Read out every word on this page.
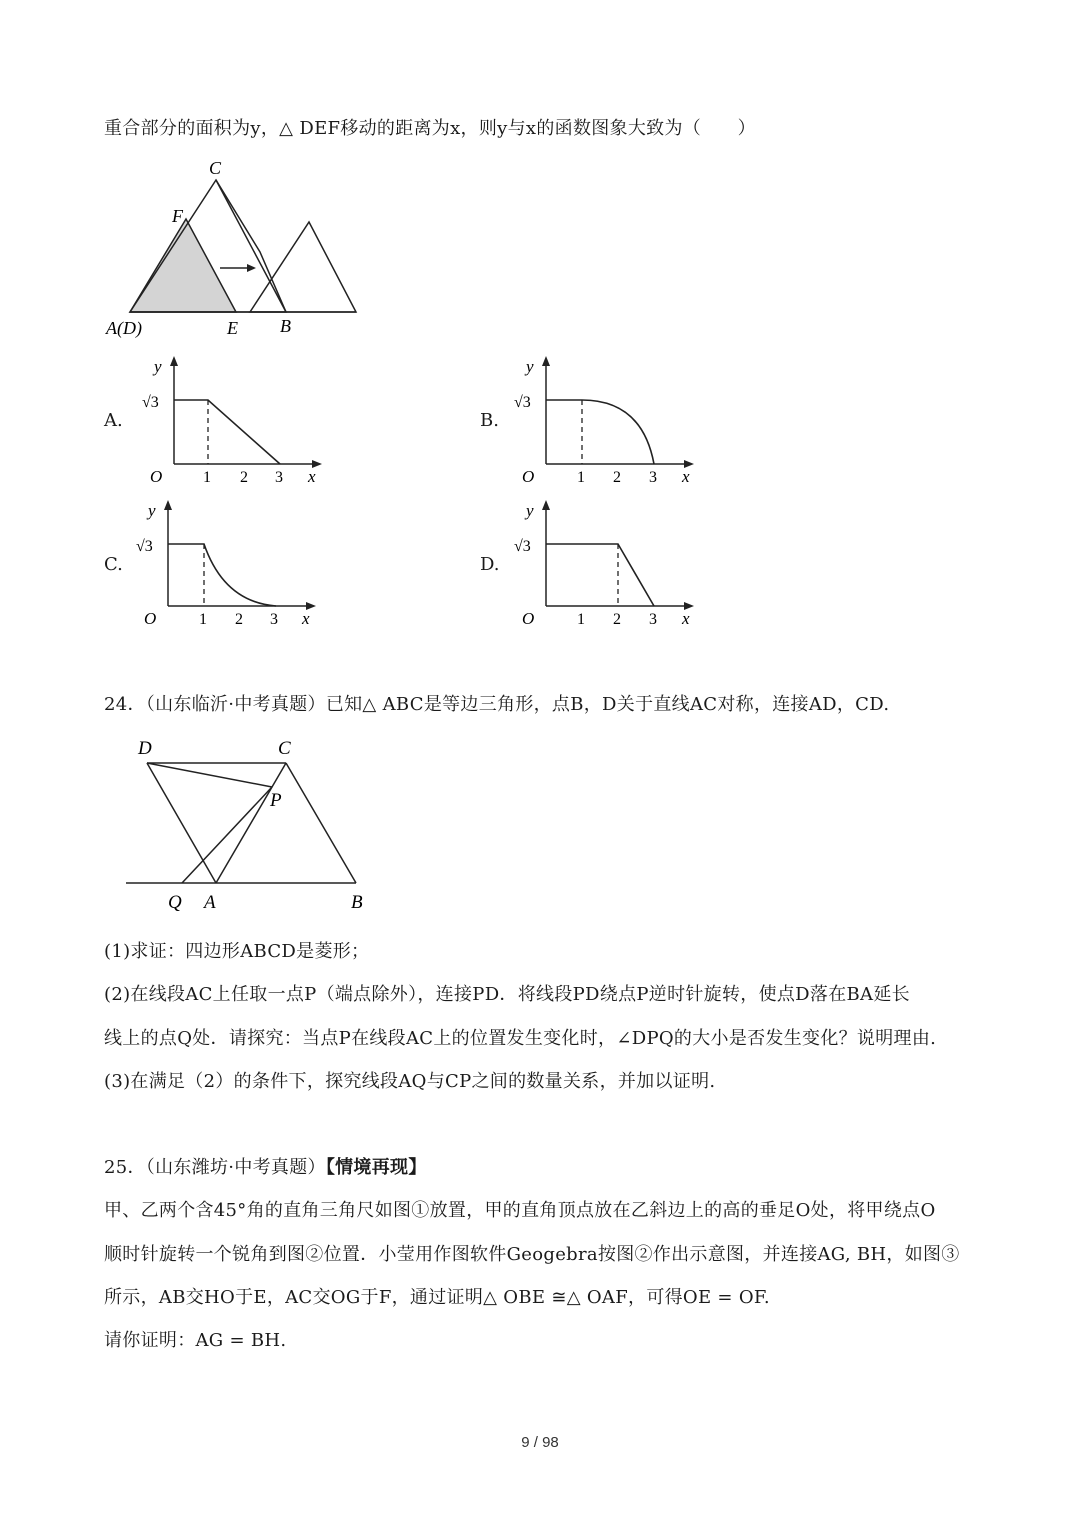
重合部分的面积为y，△ DEF移动的距离为x，则y与x的函数图象大致为（　　）
C
F
A(D)	E B
A.
y
√3
O	1 2 3 x
B.
y
√3
O	1 2 3 x
C.
y
√3
O	1 2 3 x
D.
y
√3
O	1 2 3 x
24．（山东临沂·中考真题）已知△ ABC是等边三角形，点B，D关于直线AC对称，连接AD，CD.
D	C
P
Q A	B
(1)求证：四边形ABCD是菱形；
(2)在线段AC上任取一点P（端点除外），连接PD．将线段PD绕点P逆时针旋转，使点D落在BA延长
线上的点Q处．请探究：当点P在线段AC上的位置发生变化时，∠DPQ的大小是否发生变化？说明理由.
(3)在满足（2）的条件下，探究线段AQ与CP之间的数量关系，并加以证明.
25．（山东潍坊·中考真题）【情境再现】
甲、乙两个含45°角的直角三角尺如图①放置，甲的直角顶点放在乙斜边上的高的垂足O处，将甲绕点O
顺时针旋转一个锐角到图②位置．小莹用作图软件Geogebra按图②作出示意图，并连接AG, BH，如图③
所示，AB交HO于E，AC交OG于F，通过证明△ OBE ≅△ OAF，可得OE = OF.
请你证明：AG = BH.
9 / 98
